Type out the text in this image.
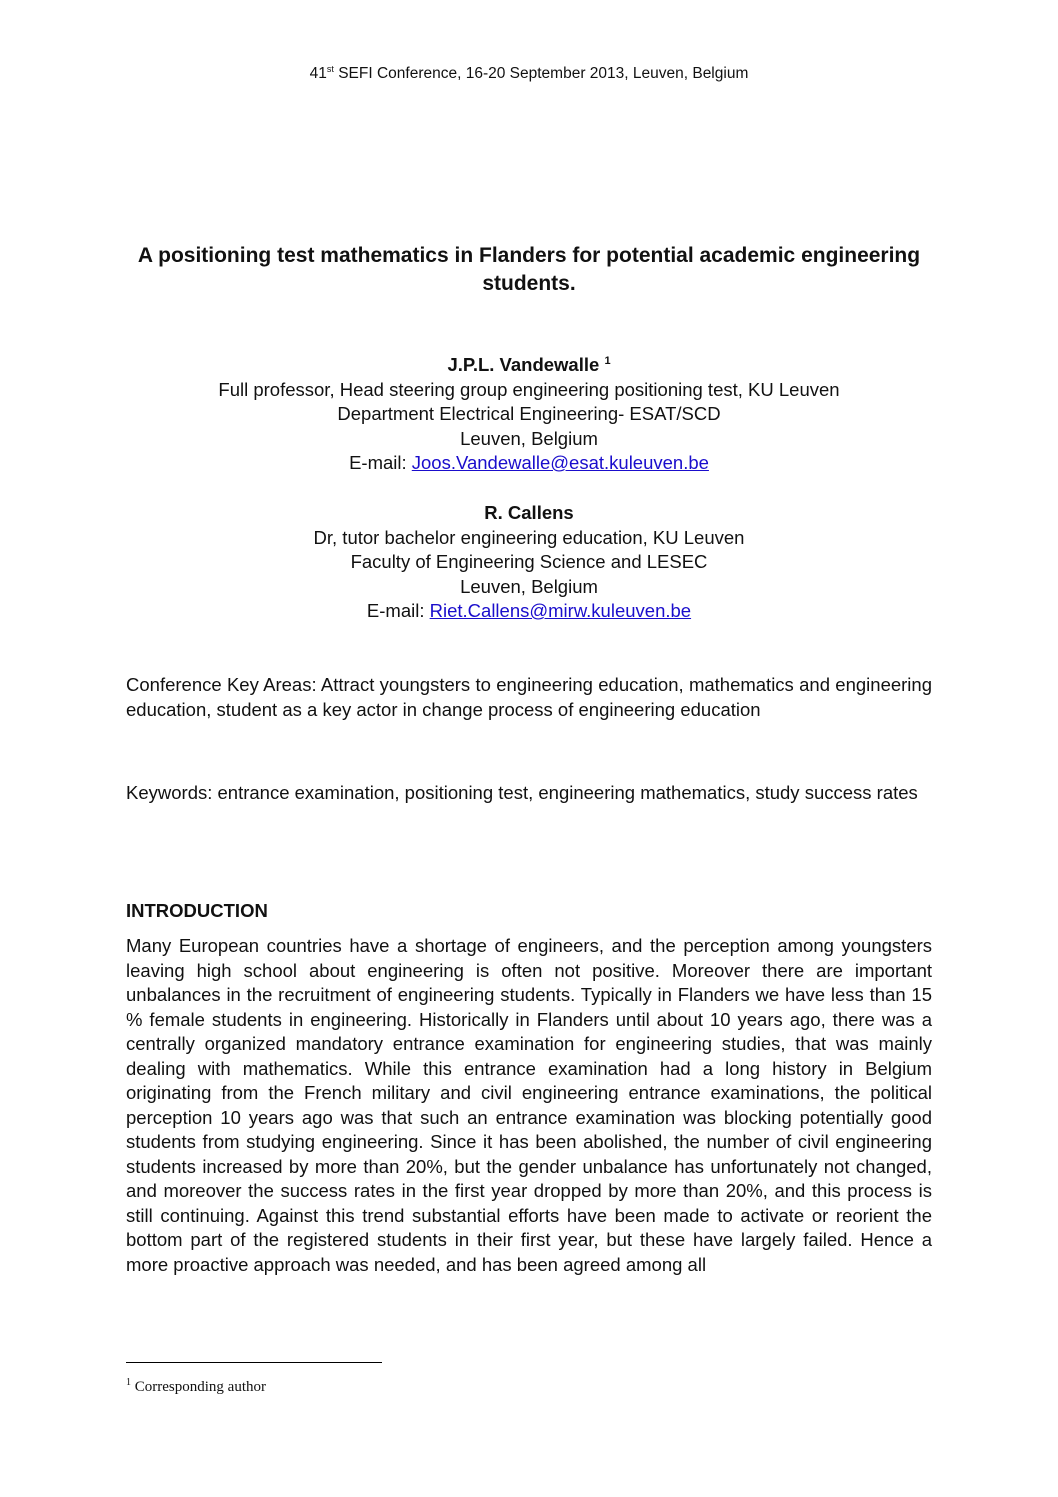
41st SEFI Conference, 16-20 September 2013, Leuven, Belgium
A positioning test mathematics in Flanders for potential academic engineering students.
J.P.L. Vandewalle $^1$
Full professor, Head steering group engineering positioning test, KU Leuven
Department Electrical Engineering- ESAT/SCD
Leuven, Belgium
E-mail: Joos.Vandewalle@esat.kuleuven.be
R. Callens
Dr, tutor bachelor engineering education, KU Leuven
Faculty of Engineering Science and LESEC
Leuven, Belgium
E-mail: Riet.Callens@mirw.kuleuven.be
Conference Key Areas: Attract youngsters to engineering education, mathematics and engineering education, student as a key actor in change process of engineering education
Keywords: entrance examination, positioning test, engineering mathematics, study success rates
INTRODUCTION
Many European countries have a shortage of engineers, and the perception among youngsters leaving high school about engineering is often not positive. Moreover there are important unbalances in the recruitment of engineering students. Typically in Flanders we have less than 15 % female students in engineering. Historically in Flanders until about 10 years ago, there was a centrally organized mandatory entrance examination for engineering studies, that was mainly dealing with mathematics. While this entrance examination had a long history in Belgium originating from the French military and civil engineering entrance examinations, the political perception 10 years ago was that such an entrance examination was blocking potentially good students from studying engineering. Since it has been abolished, the number of civil engineering students increased by more than 20%, but the gender unbalance has unfortunately not changed, and moreover the success rates in the first year dropped by more than 20%, and this process is still continuing. Against this trend substantial efforts have been made to activate or reorient the bottom part of the registered students in their first year, but these have largely failed. Hence a more proactive approach was needed, and has been agreed among all
$^1$ Corresponding author
